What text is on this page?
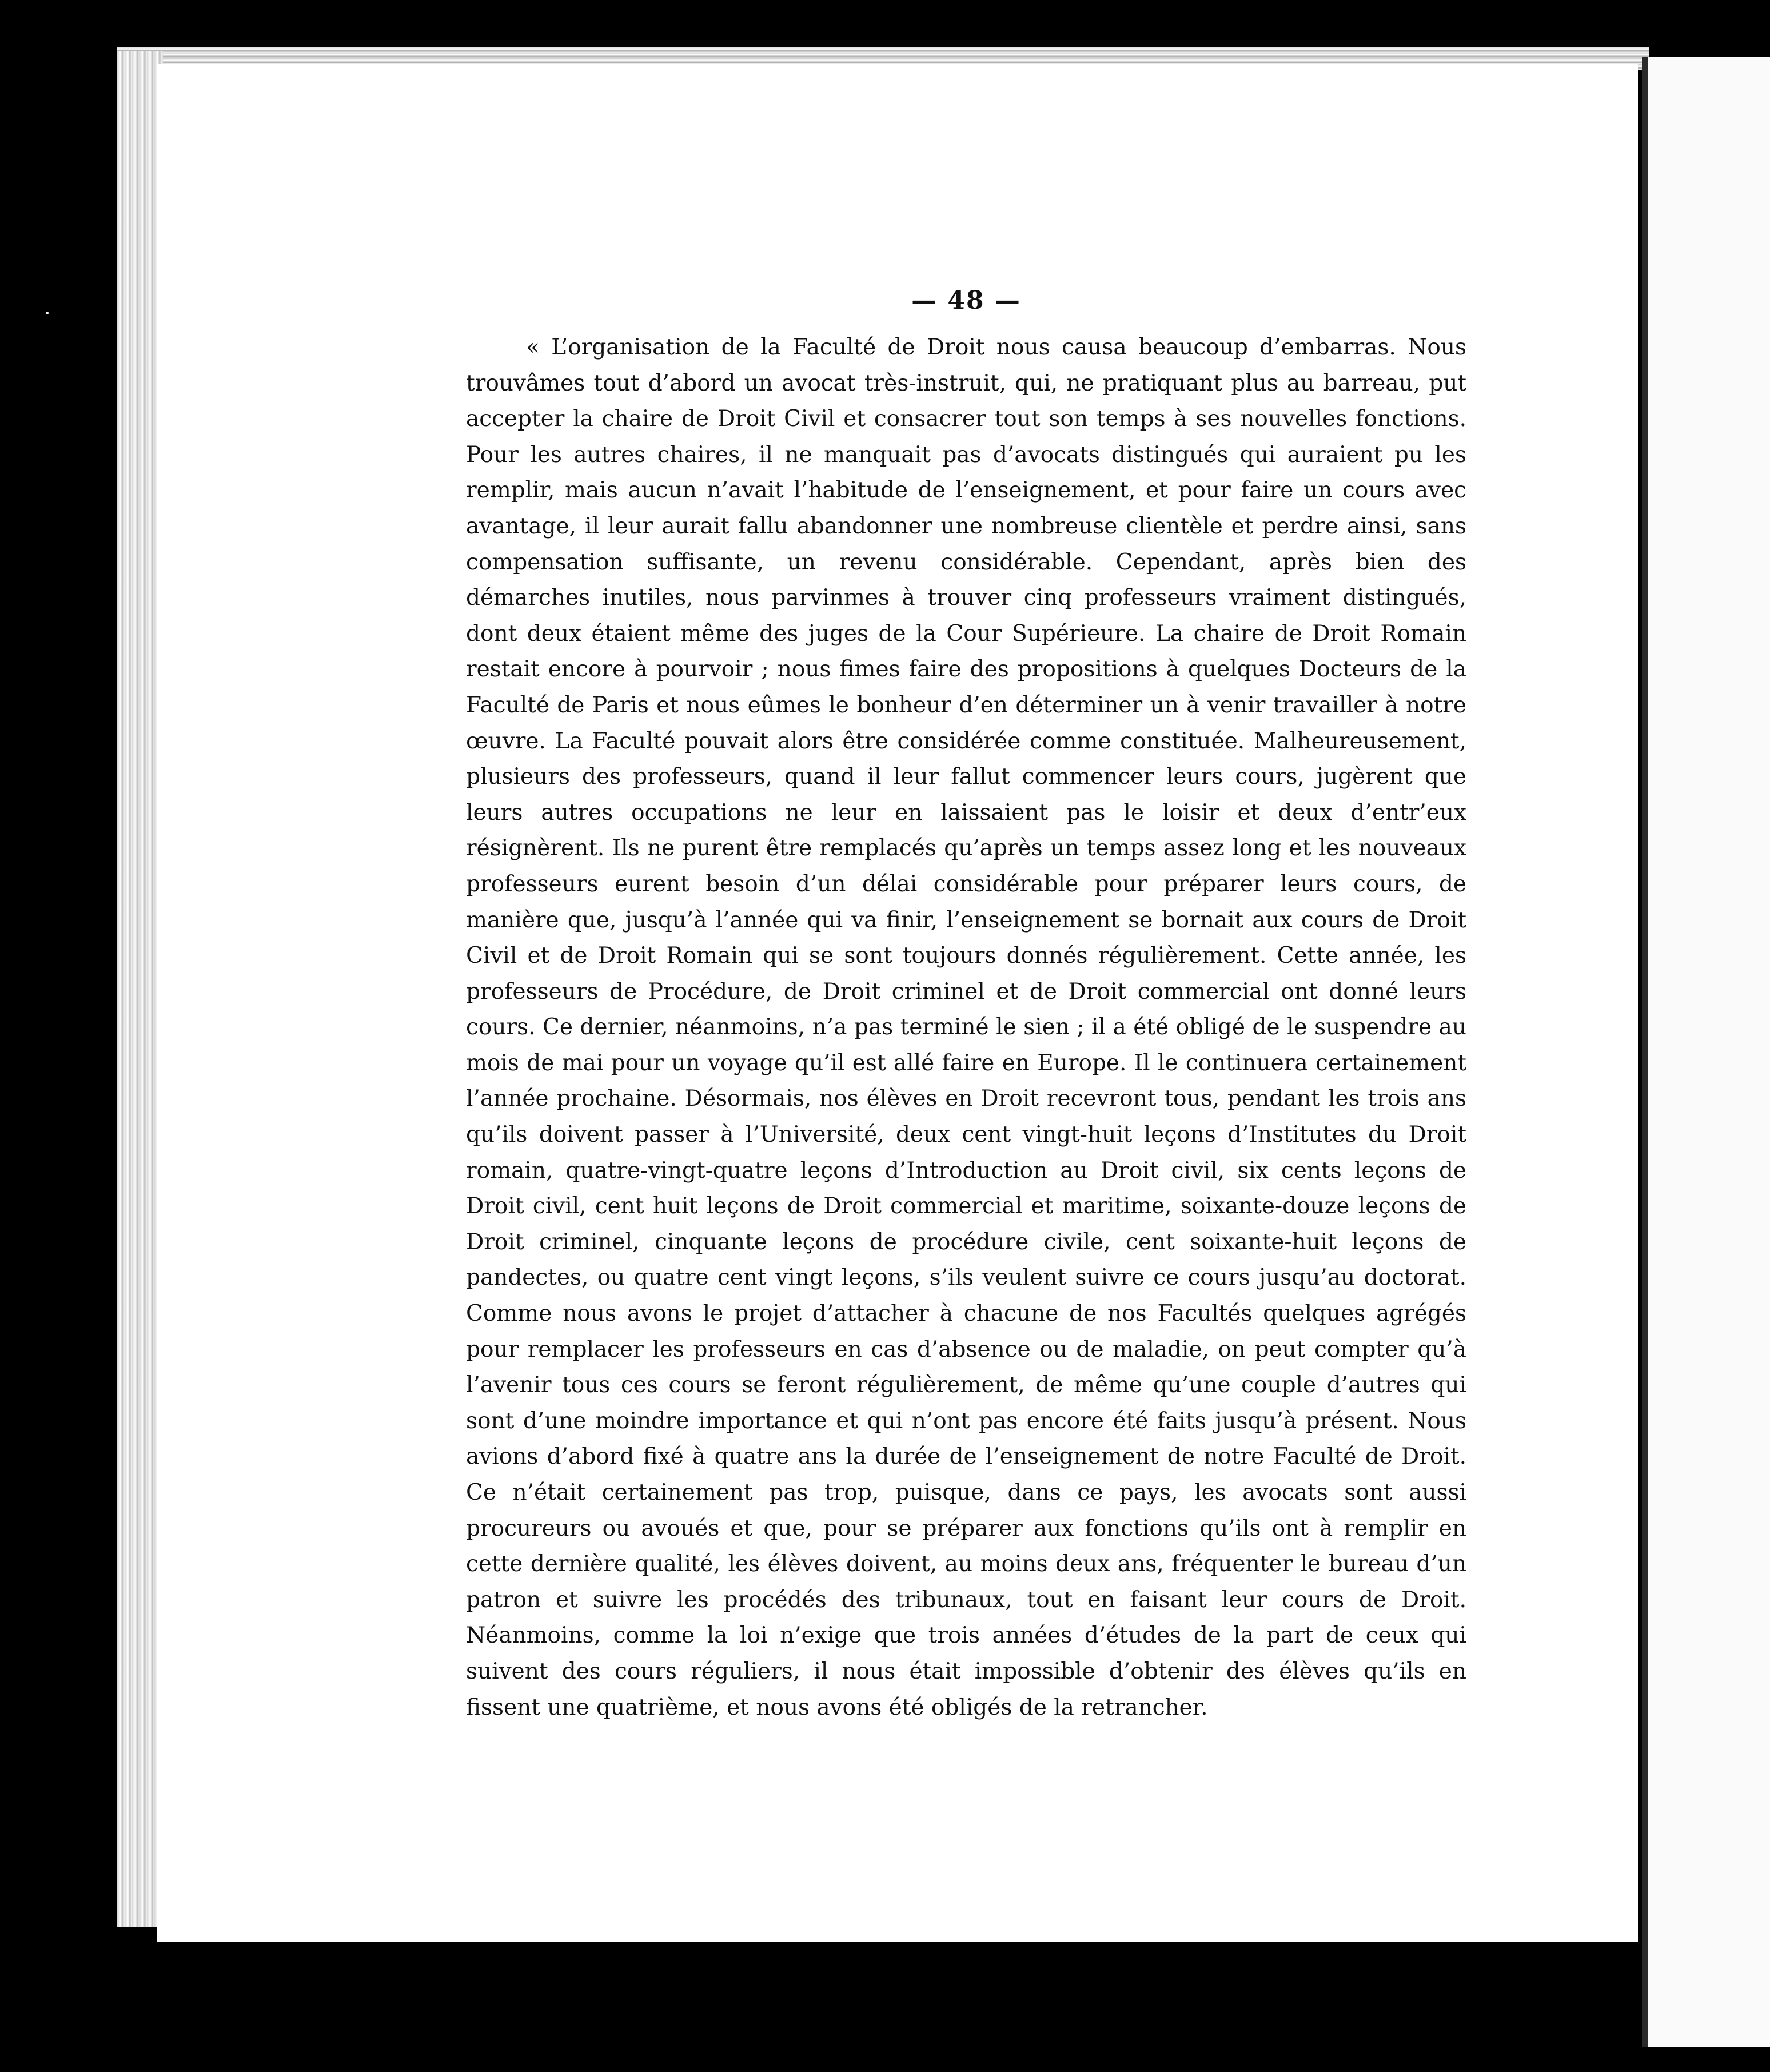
— 48 —

« L’organisation de la Faculté de Droit nous causa beaucoup d’embarras. Nous trouvâmes tout d’abord un avocat très-instruit, qui, ne pratiquant plus au barreau, put accepter la chaire de Droit Civil et consacrer tout son temps à ses nouvelles fonctions. Pour les autres chaires, il ne manquait pas d’avocats distingués qui auraient pu les remplir, mais aucun n’avait l’habitude de l’enseignement, et pour faire un cours avec avantage, il leur aurait fallu abandonner une nombreuse clientèle et perdre ainsi, sans compensation suffisante, un revenu considérable. Cependant, après bien des démarches inutiles, nous parvinmes à trouver cinq professeurs vraiment distingués, dont deux étaient même des juges de la Cour Supérieure. La chaire de Droit Romain restait encore à pourvoir ; nous fimes faire des propositions à quelques Docteurs de la Faculté de Paris et nous eûmes le bonheur d’en déterminer un à venir travailler à notre œuvre. La Faculté pouvait alors être considérée comme constituée. Malheureusement, plusieurs des professeurs, quand il leur fallut commencer leurs cours, jugèrent que leurs autres occupations ne leur en laissaient pas le loisir et deux d’entr’eux résignèrent. Ils ne purent être remplacés qu’après un temps assez long et les nouveaux professeurs eurent besoin d’un délai considérable pour préparer leurs cours, de manière que, jusqu’à l’année qui va finir, l’enseignement se bornait aux cours de Droit Civil et de Droit Romain qui se sont toujours donnés régulièrement. Cette année, les professeurs de Procédure, de Droit criminel et de Droit commercial ont donné leurs cours. Ce dernier, néanmoins, n’a pas terminé le sien ; il a été obligé de le suspendre au mois de mai pour un voyage qu’il est allé faire en Europe. Il le continuera certainement l’année prochaine. Désormais, nos élèves en Droit recevront tous, pendant les trois ans qu’ils doivent passer à l’Université, deux cent vingt-huit leçons d’Institutes du Droit romain, quatre-vingt-quatre leçons d’Introduction au Droit civil, six cents leçons de Droit civil, cent huit leçons de Droit commercial et maritime, soixante-douze leçons de Droit criminel, cinquante leçons de procédure civile, cent soixante-huit leçons de pandectes, ou quatre cent vingt leçons, s’ils veulent suivre ce cours jusqu’au doctorat. Comme nous avons le projet d’attacher à chacune de nos Facultés quelques agrégés pour remplacer les professeurs en cas d’absence ou de maladie, on peut compter qu’à l’avenir tous ces cours se feront régulièrement, de même qu’une couple d’autres qui sont d’une moindre importance et qui n’ont pas encore été faits jusqu’à présent. Nous avions d’abord fixé à quatre ans la durée de l’enseignement de notre Faculté de Droit. Ce n’était certainement pas trop, puisque, dans ce pays, les avocats sont aussi procureurs ou avoués et que, pour se préparer aux fonctions qu’ils ont à remplir en cette dernière qualité, les élèves doivent, au moins deux ans, fréquenter le bureau d’un patron et suivre les procédés des tribunaux, tout en faisant leur cours de Droit. Néanmoins, comme la loi n’exige que trois années d’études de la part de ceux qui suivent des cours réguliers, il nous était impossible d’obtenir des élèves qu’ils en fissent une quatrième, et nous avons été obligés de la retrancher.
